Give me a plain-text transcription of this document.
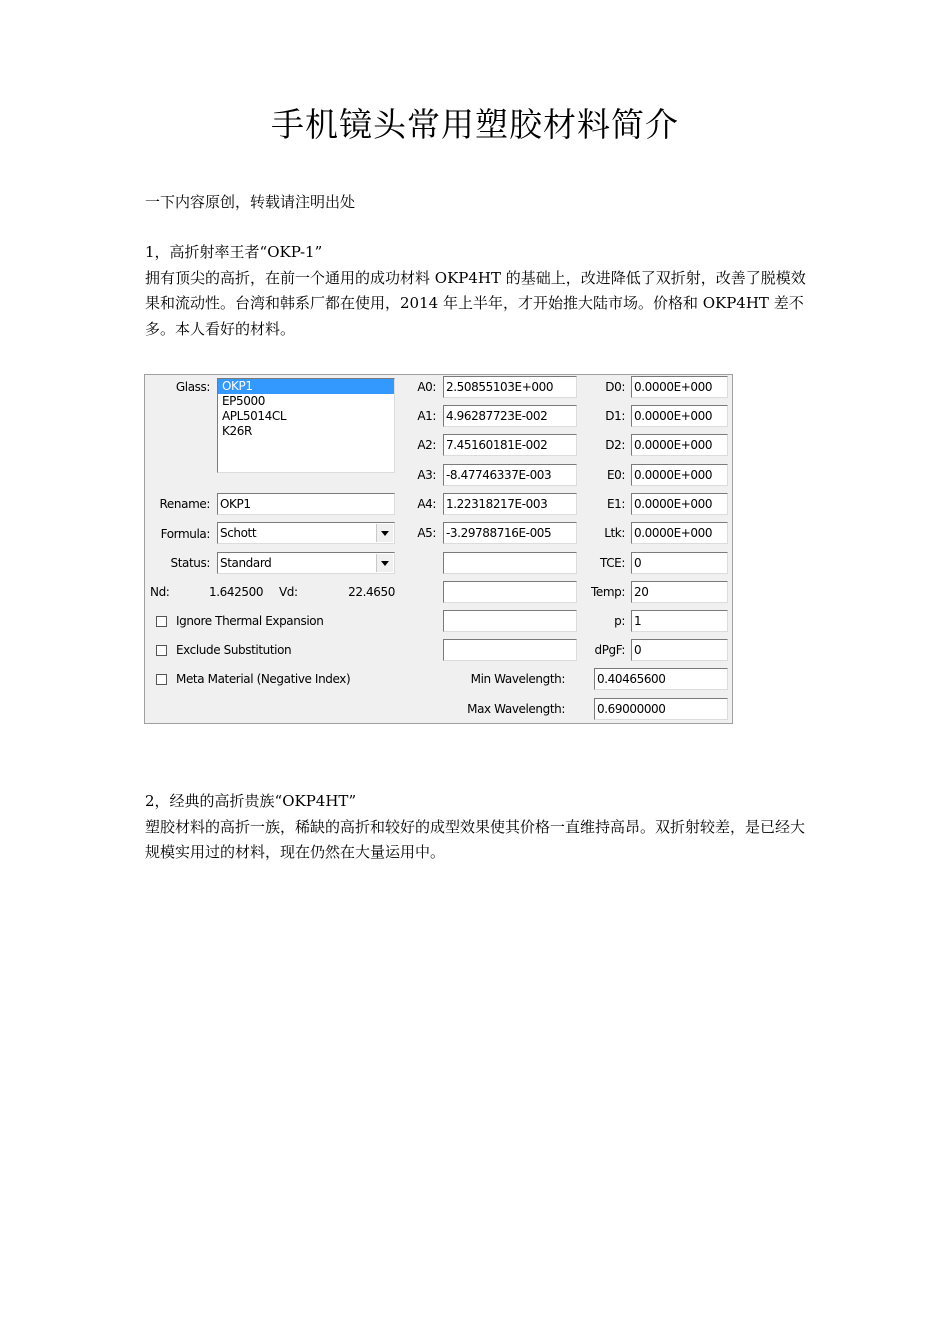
手机镜头常用塑胶材料简介

一下内容原创，转载请注明出处

1，高折射率王者“OKP-1”

拥有顶尖的高折，在前一个通用的成功材料 OKP4HT 的基础上，改进降低了双折射，改善了脱模效果和流动性。台湾和韩系厂都在使用，2014 年上半年，才开始推大陆市场。价格和 OKP4HT 差不多。本人看好的材料。

Glass:	OKP1
EP5000
APL5014CL
K26R
Rename: OKP1
Formula: Schott
Status: Standard
Nd:	1.642500 Vd:	22.4650
Ignore Thermal Expansion
Exclude Substitution
Meta Material (Negative Index)
A0: 2.50855103E+000
A1: 4.96287723E-002
A2: 7.45160181E-002
A3: -8.47746337E-003
A4: 1.22318217E-003
A5: -3.29788716E-005
D0: 0.0000E+000
D1: 0.0000E+000
D2: 0.0000E+000
E0: 0.0000E+000
E1: 0.0000E+000
Ltk: 0.0000E+000
TCE: 0
Temp: 20
p: 1
dPgF: 0
Min Wavelength:	0.40465600
Max Wavelength:	0.69000000

2，经典的高折贵族“OKP4HT”

塑胶材料的高折一族，稀缺的高折和较好的成型效果使其价格一直维持高昂。双折射较差，是已经大规模实用过的材料，现在仍然在大量运用中。
